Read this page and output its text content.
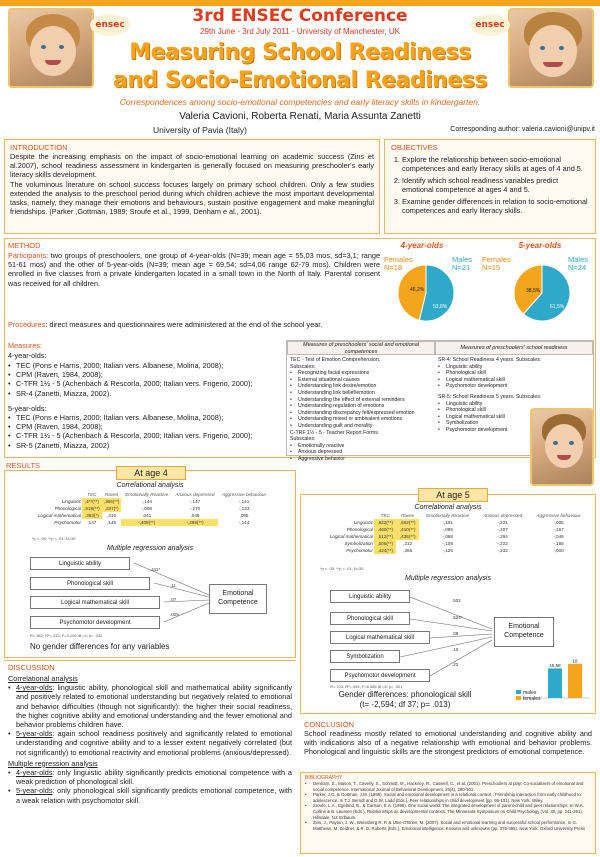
ensec	ensec
3rd ENSEC Conference
29th June - 3rd July 2011 - University of Manchester, UK
Measuring School Readiness
and Socio-Emotional Readiness
Correspondences among socio-emotional competencies and early literacy skills in kindergarten.
Valeria Cavioni, Roberta Renati, Maria Assunta Zanetti
University of Pavia (Italy)	Corresponding author: valeria.cavioni@unipv.it
INTRODUCTION

Despite the increasing emphasis on the impact of socio-emotional learning on academic success (Zins et al.2007), school readiness assessment in kindergarten is generally focused on measuring preschooler's early literacy skills development.

The voluminous literature on school success focuses largely on primary school children. Only a few studies extended the analysis to the preschool period during which children achieve the most important developmental tasks, namely, they manage their emotions and behaviours, sustain positive engagement and make meaningful friendships. (Parker ,Gottman, 1989; Sroufe et al., 1999, Denham e al., 2001).

OBJECTIVES
1. Explore the relationship between socio-emotional competences and early literacy skills at ages of 4 and 5.
2. Identify which school readiness variables predict emotional competence at ages 4 and 5.
3. Examine gender differences in relation to socio-emotional competences and early literacy skills.
METHOD
Participants: two groups of preschoolers, one group of 4-year-olds (N=39; mean age = 55,03 mos; sd=3,1; range 51-61 mos) and the other of 5-year-olds (N=39; mean age = 69,54; sd=4,06 range 62-79 mos). Children were enrolled in five classes from a private kindergarten located in a small town in the North of Italy. Parental consent was received for all children.
Procedures: direct measures and questionnaires were administered at the end of the school year.
Measures:
4-year-olds:
• TEC (Pons e Harris, 2000; Italian vers. Albanese, Molina, 2008);
• CPM (Raven, 1984, 2008);
• C-TFR 1½ - 5 (Achenbach & Rescorla, 2000; Italian vers. Frigerio, 2000);
• SR-4 (Zanetti, Miazza, 2002).
5-year-olds:
• TEC (Pons e Harris, 2000; Italian vers. Albanese, Molina, 2008);
• CPM (Raven, 1984, 2008);
• C-TFR 1½ - 5 (Achenbach & Rescorla, 2000; Italian vers. Frigerio, 2000);
• SR-5 (Zanetti, Miazza, 2002)
4-year-olds	5-year-olds
46,2%
53,8%
38,5%
61,5%
Females
N=18
Males
N=21
Females
N=15
Males
N=24
Measures of preschoolers' social and emotional competences
Measures of preschoolers' school readiness
TEC - Test of Emotion Comprehension.
Subscales:
• Recognizing facial expressions
• External situational causes
• Understanding link desire/emotion
• Understanding link belief/emotion
• Understanding the effect of external reminders
• Understanding regulation of emotions
• Understanding discrepancy felt/expressed emotion
• Understanding mixed or ambivalent emotions
• Understanding guilt and morality
C-TRF 1½ - 5 - Teacher Report Forms.
Subscales:
• Emotionally reactive
• Anxious depressed
• Aggressive behavior
SR-4: School Readiness 4 years. Subscales:
• Linguistic ability
• Phonological skill
• Logical mathematical skill
• Psychomotor development
SR-5: School Readiness 5 years. Subscales:
• Linguistic ability
• Phonological skill
• Logical mathematical skill
• Symbolization
• Psychomotor development
RESULTS
At age 4
Correlational analysis
	TEC	Raven	Emotionally Reactive	Anxious depressed	Aggressive behaviour
Linguistic	,4**(**)	,366(**)	-,144	-,147	-,141
Phonological	,518(**)	,337(*)	-,008	-,270	-,133
Logical mathematical	,363(*)	,316	,041	,046	,095
Psychomotor	,147	,145	-,409(**)	-,468(**)	-,144
*p < .05; **p < .01; N=39
Multiple regression analysis
Linguistic ability
Phonological skill
Logical mathematical skill
Psychomotor development
.411*
.11
.07
.029
Emotional Competence
R=.562; R²=.315; F=3,109 df =4; p= .032
No gender differences for any variables
At age 5
Correlational analysis
	TEC	Raven	Emotionally Reactive	Anxious depressed	Aggressive behaviour
Linguistic	,622(**)	,502(**)	-,101	-,221	-,005
Phonological	,460(**)	,410(**)	-,095	-,207	-,157
Logical mathematical	,512(**)	,436(**)	-,068	-,294	-,046
Symbolization	,505(**)	,212	-,108	-,222	-,168
Psychomotor	,424(**)	,365	-,126	-,232	-,000
*p < .05; **p < .01; N=39
Multiple regression analysis
Linguistic ability
Phonological skill
Logical mathematical skill
Symbolization
Psychomotor development
.502
.524*
.08
.10
.22
Emotional Competence
R=.703; R²=.494; F=6,485 df =5; p= .001
15,58
18
males
females
Gender differences: phonological skill
(t= -2,594; df 37; p= .013)
DISCUSSION
Correlational analysis
• 4-year-olds: linguistic ability, phonological skill and mathematical ability significantly and positively related to emotional understanding but negatively related to emotional and behavior difficulties (though not significantly): the higher their social readiness, the higher cognitive ability and emotional understanding and the fewer emotional and behavior problems children have.
• 5-year-olds: again school readiness positively and significantly related to emotional understanding and cognitive ability and to a lesser extent negatively correlated (but not significantly) to emotional reactivity and emotional problems (anxious/depressed).
Multiple regression analysis
• 4-year-olds: only linguistic ability significantly predicts emotional competence with a weak prediction of phonological skill.
• 5-year-olds: only phonological skill significantly predicts emotional competence, with a weak relation with psychomotor skill.
CONCLUSION

School readiness mostly related to emotional understanding and cognitive ability and with indications also of a negative relationship with emotional and behavior problems. Phonological and linguistic skills are the strongest predictors of emotional competence.

BIBLIOGRAPHY
• Denham, S., Mason, T., Caverly, S., Schmidt, M., Hackney, R., Caswell, C., et al. (2001). Preschoolers at play: Co-socialisers of emotional and social competence. International Journal of Behavioral Development, 25(4), 290-301.
• Parker, J.G. & Gottman, J.M. (1989). Social and emotional development in a relational context : Friendship interaction from early childhood to adolescence. In T.J. Berndt and G.W. Ladd (Eds.), Peer relationships in child development (pp. 95-131). New York: Wiley.
• Sroufe, L.A., Egeland, B., & Carlson, E.A. (1999). One social world: The integrated development of parent-child and peer relationships. In W.A. Collins & B. Laursen (Eds.), Relationships as developmental contexts: The Minnesota Symposium on Child Psychology (Vol. 30, pp. 241-261). Hillsdale, NJ: Erlbaum.
• Zins, J., Payton, J. W., Weissberg R. P. & Utne-O'Brien, M. (2007). Social and emotional learning and successful school performance. In G. Matthews, M. Zeidner, & R. D. Roberts (Eds.), Emotional intelligence: Knowns and unknowns (pp. 376-395). New York: Oxford University Press
